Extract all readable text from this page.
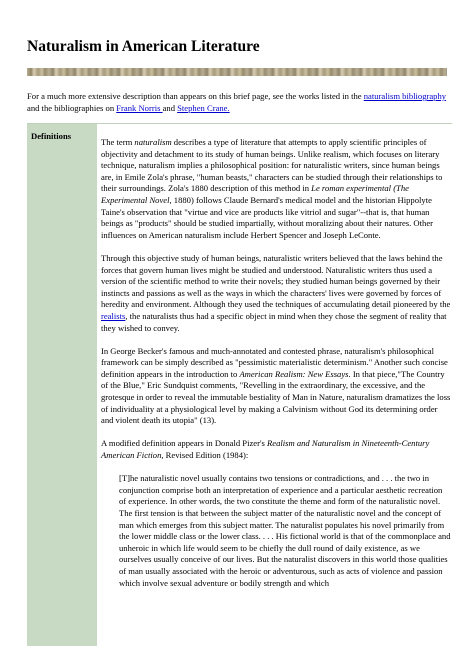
Naturalism in American Literature
For a much more extensive description than appears on this brief page, see the works listed in the naturalism bibliography and the bibliographies on Frank Norris and Stephen Crane.
Definitions

The term naturalism describes a type of literature that attempts to apply scientific principles of objectivity and detachment to its study of human beings. Unlike realism, which focuses on literary technique, naturalism implies a philosophical position: for naturalistic writers, since human beings are, in Emile Zola's phrase, "human beasts," characters can be studied through their relationships to their surroundings. Zola's 1880 description of this method in Le roman experimental (The Experimental Novel, 1880) follows Claude Bernard's medical model and the historian Hippolyte Taine's observation that "virtue and vice are products like vitriol and sugar"--that is, that human beings as "products" should be studied impartially, without moralizing about their natures. Other influences on American naturalism include Herbert Spencer and Joseph LeConte.

Through this objective study of human beings, naturalistic writers believed that the laws behind the forces that govern human lives might be studied and understood. Naturalistic writers thus used a version of the scientific method to write their novels; they studied human beings governed by their instincts and passions as well as the ways in which the characters' lives were governed by forces of heredity and environment. Although they used the techniques of accumulating detail pioneered by the realists, the naturalists thus had a specific object in mind when they chose the segment of reality that they wished to convey.

In George Becker's famous and much-annotated and contested phrase, naturalism's philosophical framework can be simply described as "pessimistic materialistic determinism." Another such concise definition appears in the introduction to American Realism: New Essays. In that piece,"The Country of the Blue," Eric Sundquist comments, "Revelling in the extraordinary, the excessive, and the grotesque in order to reveal the immutable bestiality of Man in Nature, naturalism dramatizes the loss of individuality at a physiological level by making a Calvinism without God its determining order and violent death its utopia" (13).

A modified definition appears in Donald Pizer's Realism and Naturalism in Nineteenth-Century American Fiction, Revised Edition (1984):

[T]he naturalistic novel usually contains two tensions or contradictions, and . . . the two in conjunction comprise both an interpretation of experience and a particular aesthetic recreation of experience. In other words, the two constitute the theme and form of the naturalistic novel. The first tension is that between the subject matter of the naturalistic novel and the concept of man which emerges from this subject matter. The naturalist populates his novel primarily from the lower middle class or the lower class. . . . His fictional world is that of the commonplace and unheroic in which life would seem to be chiefly the dull round of daily existence, as we ourselves usually conceive of our lives. But the naturalist discovers in this world those qualities of man usually associated with the heroic or adventurous, such as acts of violence and passion which involve sexual adventure or bodily strength and which
